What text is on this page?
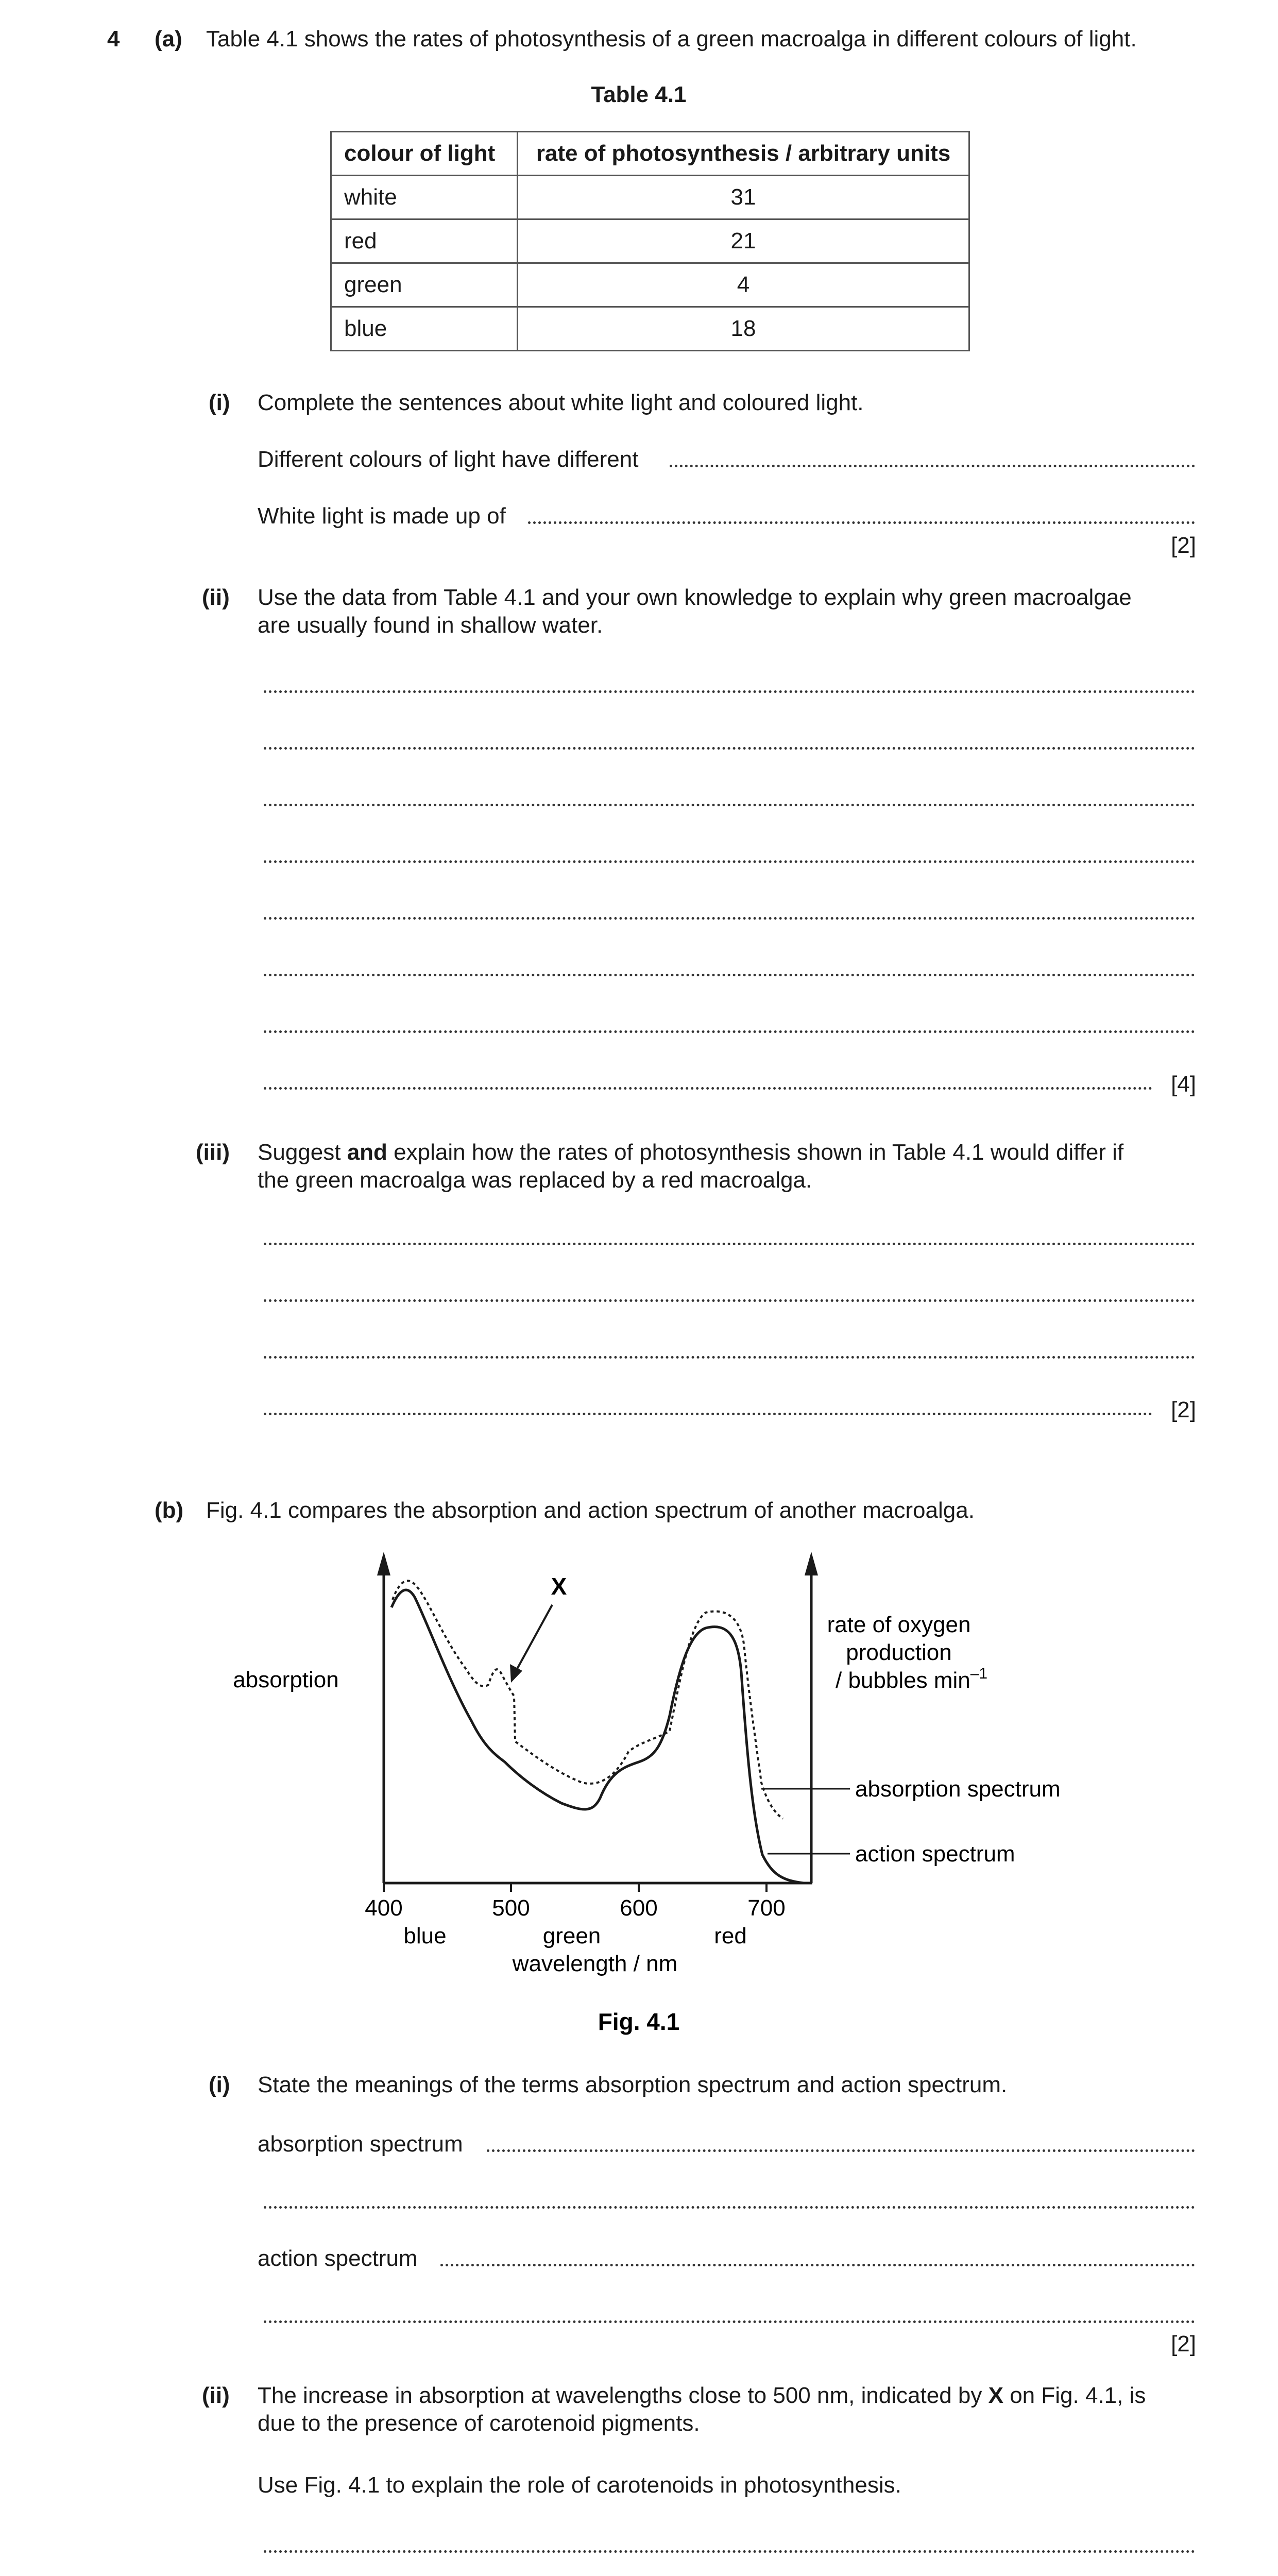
4 (a) Table 4.1 shows the rates of photosynthesis of a green macroalga in different colours of light.
Table 4.1
colour of light	rate of photosynthesis / arbitrary units
white	31
red	21
green	4
blue	18
(i) Complete the sentences about white light and coloured light.
Different colours of light have different
White light is made up of
[2]
(ii) Use the data from Table 4.1 and your own knowledge to explain why green macroalgae
are usually found in shallow water.
[4]
(iii) Suggest and explain how the rates of photosynthesis shown in Table 4.1 would differ if
the green macroalga was replaced by a red macroalga.
[2]
(b) Fig. 4.1 compares the absorption and action spectrum of another macroalga.
X
absorption
rate of oxygen
production
/ bubbles $\min^{-1}$
absorption spectrum
action spectrum
400	500	600	700
blue	green	red
wavelength / nm
Fig. 4.1
(i) State the meanings of the terms absorption spectrum and action spectrum.
absorption spectrum
action spectrum
[2]
(ii) The increase in absorption at wavelengths close to 500 nm, indicated by X on Fig. 4.1, is
due to the presence of carotenoid pigments.
Use Fig. 4.1 to explain the role of carotenoids in photosynthesis.
